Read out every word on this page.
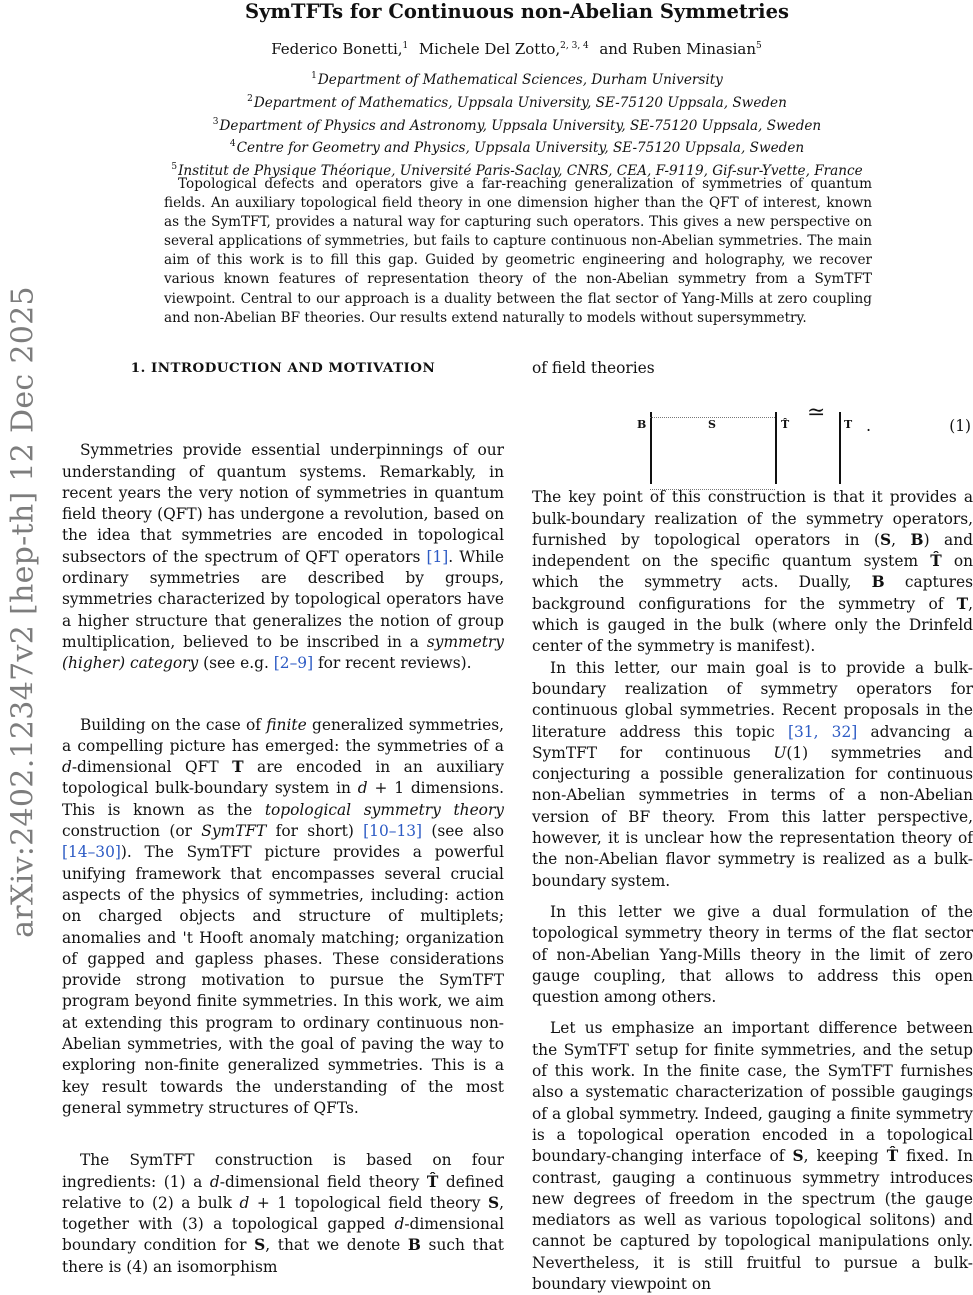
arXiv:2402.12347v2 [hep-th] 12 Dec 2025
SymTFTs for Continuous non-Abelian Symmetries
Federico Bonetti,$^1$ Michele Del Zotto,$^{2, 3, 4}$ and Ruben Minasian$^5$
$^1$Department of Mathematical Sciences, Durham University
$^2$Department of Mathematics, Uppsala University, SE-75120 Uppsala, Sweden
$^3$Department of Physics and Astronomy, Uppsala University, SE-75120 Uppsala, Sweden
$^4$Centre for Geometry and Physics, Uppsala University, SE-75120 Uppsala, Sweden
$^5$Institut de Physique Théorique, Université Paris-Saclay, CNRS, CEA, F-9119, Gif-sur-Yvette, France

Topological defects and operators give a far-reaching generalization of symmetries of quantum fields. An auxiliary topological field theory in one dimension higher than the QFT of interest, known as the SymTFT, provides a natural way for capturing such operators. This gives a new perspective on several applications of symmetries, but fails to capture continuous non-Abelian symmetries. The main aim of this work is to fill this gap. Guided by geometric engineering and holography, we recover various known features of representation theory of the non-Abelian symmetry from a SymTFT viewpoint. Central to our approach is a duality between the flat sector of Yang-Mills at zero coupling and non-Abelian BF theories. Our results extend naturally to models without supersymmetry.

1. INTRODUCTION AND MOTIVATION

Symmetries provide essential underpinnings of our understanding of quantum systems. Remarkably, in recent years the very notion of symmetries in quantum field theory (QFT) has undergone a revolution, based on the idea that symmetries are encoded in topological subsectors of the spectrum of QFT operators [1]. While ordinary symmetries are described by groups, symmetries characterized by topological operators have a higher structure that generalizes the notion of group multiplication, believed to be inscribed in a symmetry (higher) category (see e.g. [2–9] for recent reviews).

Building on the case of finite generalized symmetries, a compelling picture has emerged: the symmetries of a d-dimensional QFT T are encoded in an auxiliary topological bulk-boundary system in d + 1 dimensions. This is known as the topological symmetry theory construction (or SymTFT for short) [10–13] (see also [14–30]). The SymTFT picture provides a powerful unifying framework that encompasses several crucial aspects of the physics of symmetries, including: action on charged objects and structure of multiplets; anomalies and 't Hooft anomaly matching; organization of gapped and gapless phases. These considerations provide strong motivation to pursue the SymTFT program beyond finite symmetries. In this work, we aim at extending this program to ordinary continuous non-Abelian symmetries, with the goal of paving the way to exploring non-finite generalized symmetries. This is a key result towards the understanding of the most general symmetry structures of QFTs.

The SymTFT construction is based on four ingredients: (1) a d-dimensional field theory T̂ defined relative to (2) a bulk d + 1 topological field theory S, together with (3) a topological gapped d-dimensional boundary condition for S, that we denote B such that there is (4) an isomorphism

of field theories

B	S	T̂ ≃ T .	(1)

The key point of this construction is that it provides a bulk-boundary realization of the symmetry operators, furnished by topological operators in (S, B) and independent on the specific quantum system T̂ on which the symmetry acts. Dually, B captures background configurations for the symmetry of T, which is gauged in the bulk (where only the Drinfeld center of the symmetry is manifest).

In this letter, our main goal is to provide a bulk-boundary realization of symmetry operators for continuous global symmetries. Recent proposals in the literature address this topic [31, 32] advancing a SymTFT for continuous U(1) symmetries and conjecturing a possible generalization for continuous non-Abelian symmetries in terms of a non-Abelian version of BF theory. From this latter perspective, however, it is unclear how the representation theory of the non-Abelian flavor symmetry is realized as a bulk-boundary system.

In this letter we give a dual formulation of the topological symmetry theory in terms of the flat sector of non-Abelian Yang-Mills theory in the limit of zero gauge coupling, that allows to address this open question among others.

Let us emphasize an important difference between the SymTFT setup for finite symmetries, and the setup of this work. In the finite case, the SymTFT furnishes also a systematic characterization of possible gaugings of a global symmetry. Indeed, gauging a finite symmetry is a topological operation encoded in a topological boundary-changing interface of S, keeping T̂ fixed. In contrast, gauging a continuous symmetry introduces new degrees of freedom in the spectrum (the gauge mediators as well as various topological solitons) and cannot be captured by topological manipulations only. Nevertheless, it is still fruitful to pursue a bulk-boundary viewpoint on
